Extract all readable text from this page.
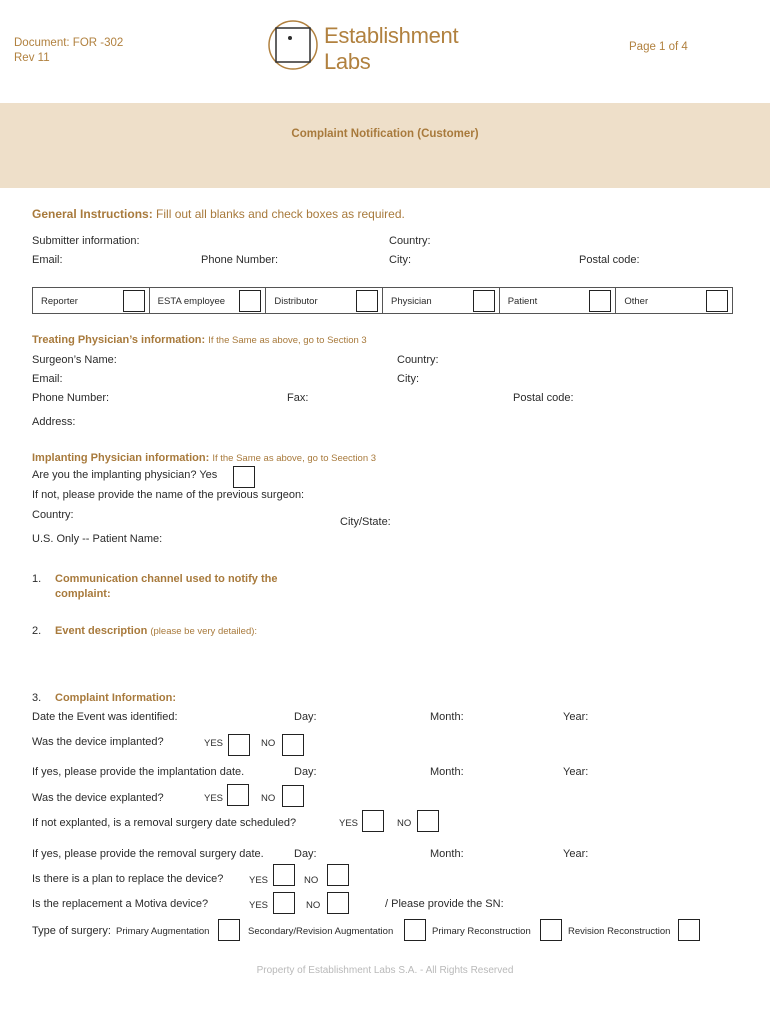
Document: FOR -302
Rev 11
Establishment
Labs
Page 1 of 4
Complaint Notification (Customer)
General Instructions: Fill out all blanks and check boxes as required.
Submitter information:	Country:
Email:	Phone Number:	City:	Postal code:
Reporter	ESTA employee	Distributor	Physician	Patient	Other
Treating Physician’s information: If the Same as above, go to Section 3
Surgeon’s Name:	Country:
Email:	City:
Phone Number:	Fax:	Postal code:
Address:
Implanting Physician information: If the Same as above, go to Seection 3
Are you the implanting physician? Yes
If not, please provide the name of the previous surgeon:
Country:
City/State:
U.S. Only -- Patient Name:
1. Communication channel used to notify the
complaint:
2. Event description (please be very detailed):
3. Complaint Information:
Date the Event was identified:	Day:	Month:	Year:
Was the device implanted?	YES	NO
If yes, please provide the implantation date.	Day:	Month:	Year:
Was the device explanted?	YES	NO
If not explanted, is a removal surgery date scheduled?	YES	NO
If yes, please provide the removal surgery date.	Day:	Month:	Year:
Is there is a plan to replace the device?	YES	NO
Is the replacement a Motiva device?	YES	NO	/ Please provide the SN:
Type of surgery: Primary Augmentation	Secondary/Revision Augmentation	Primary Reconstruction	Revision Reconstruction
Property of Establishment Labs S.A. - All Rights Reserved
